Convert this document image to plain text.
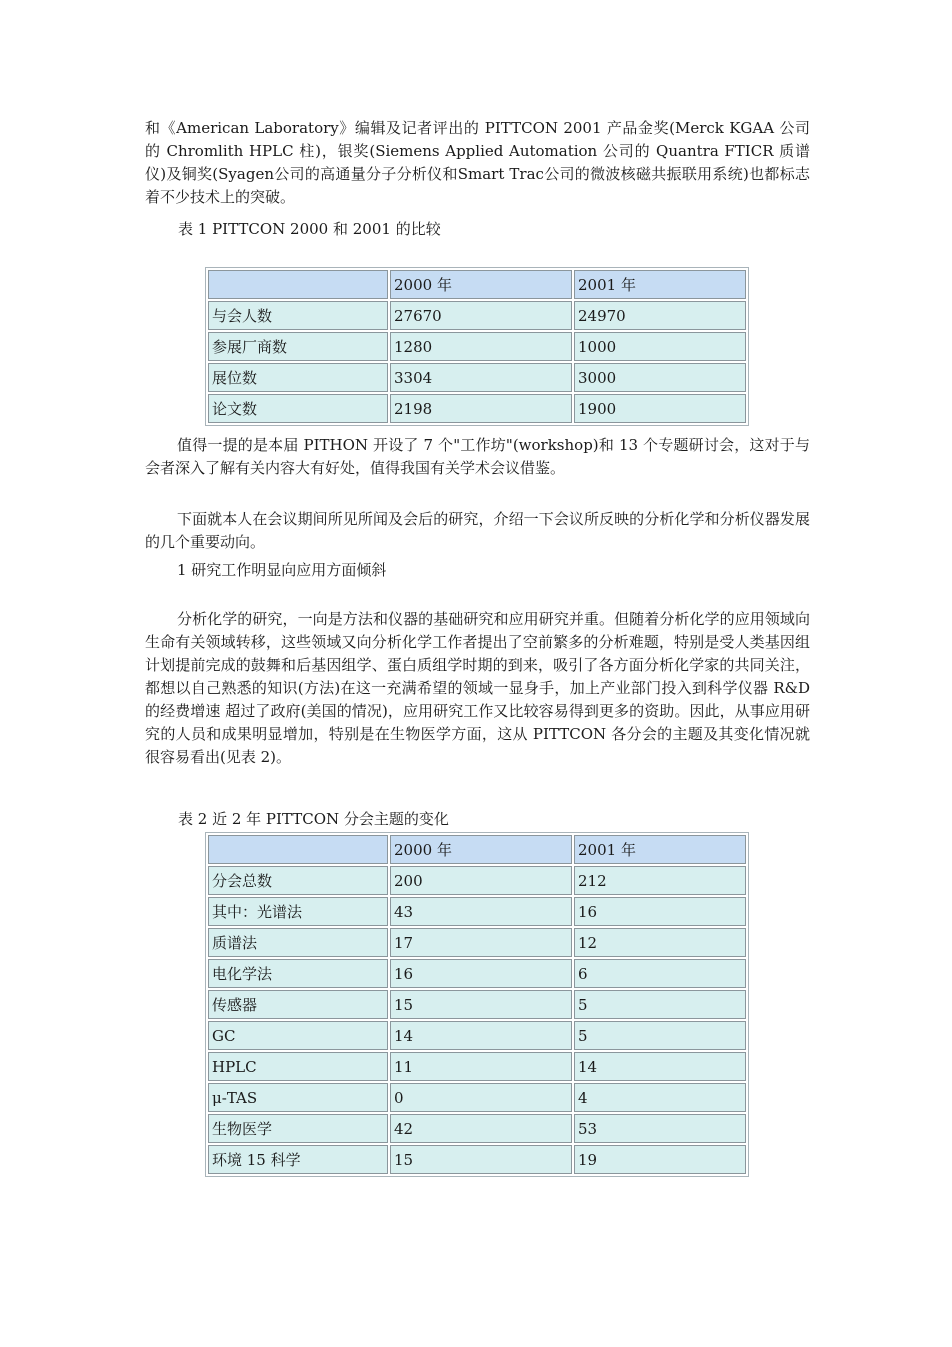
和《American Laboratory》编辑及记者评出的 PITTCON 2001 产品金奖(Merck KGAA 公司的 Chromlith HPLC 柱)，银奖(Siemens Applied Automation 公司的 Quantra FTICR 质谱仪)及铜奖(Syagen公司的高通量分子分析仪和Smart Trac公司的微波核磁共振联用系统)也都标志着不少技术上的突破。

表 1 PITTCON 2000 和 2001 的比较

	2000 年	2001 年
与会人数	27670	24970
参展厂商数	1280	1000
展位数	3304	3000
论文数	2198	1900

值得一提的是本届 PITHON 开设了 7 个"工作坊"(workshop)和 13 个专题研讨会，这对于与会者深入了解有关内容大有好处，值得我国有关学术会议借鉴。

下面就本人在会议期间所见所闻及会后的研究，介绍一下会议所反映的分析化学和分析仪器发展的几个重要动向。

1 研究工作明显向应用方面倾斜

分析化学的研究，一向是方法和仪器的基础研究和应用研究并重。但随着分析化学的应用领域向生命有关领域转移，这些领域又向分析化学工作者提出了空前繁多的分析难题，特别是受人类基因组计划提前完成的鼓舞和后基因组学、蛋白质组学时期的到来，吸引了各方面分析化学家的共同关注，都想以自己熟悉的知识(方法)在这一充满希望的领域一显身手，加上产业部门投入到科学仪器 R&D 的经费增速 超过了政府(美国的情况)，应用研究工作又比较容易得到更多的资助。因此，从事应用研究的人员和成果明显增加，特别是在生物医学方面，这从 PITTCON 各分会的主题及其变化情况就很容易看出(见表 2)。

表 2 近 2 年 PITTCON 分会主题的变化

	2000 年	2001 年
分会总数	200	212
其中：光谱法	43	16
质谱法	17	12
电化学法	16	6
传感器	15	5
GC	14	5
HPLC	11	14
μ-TAS	0	4
生物医学	42	53
环境 15 科学	15	19
